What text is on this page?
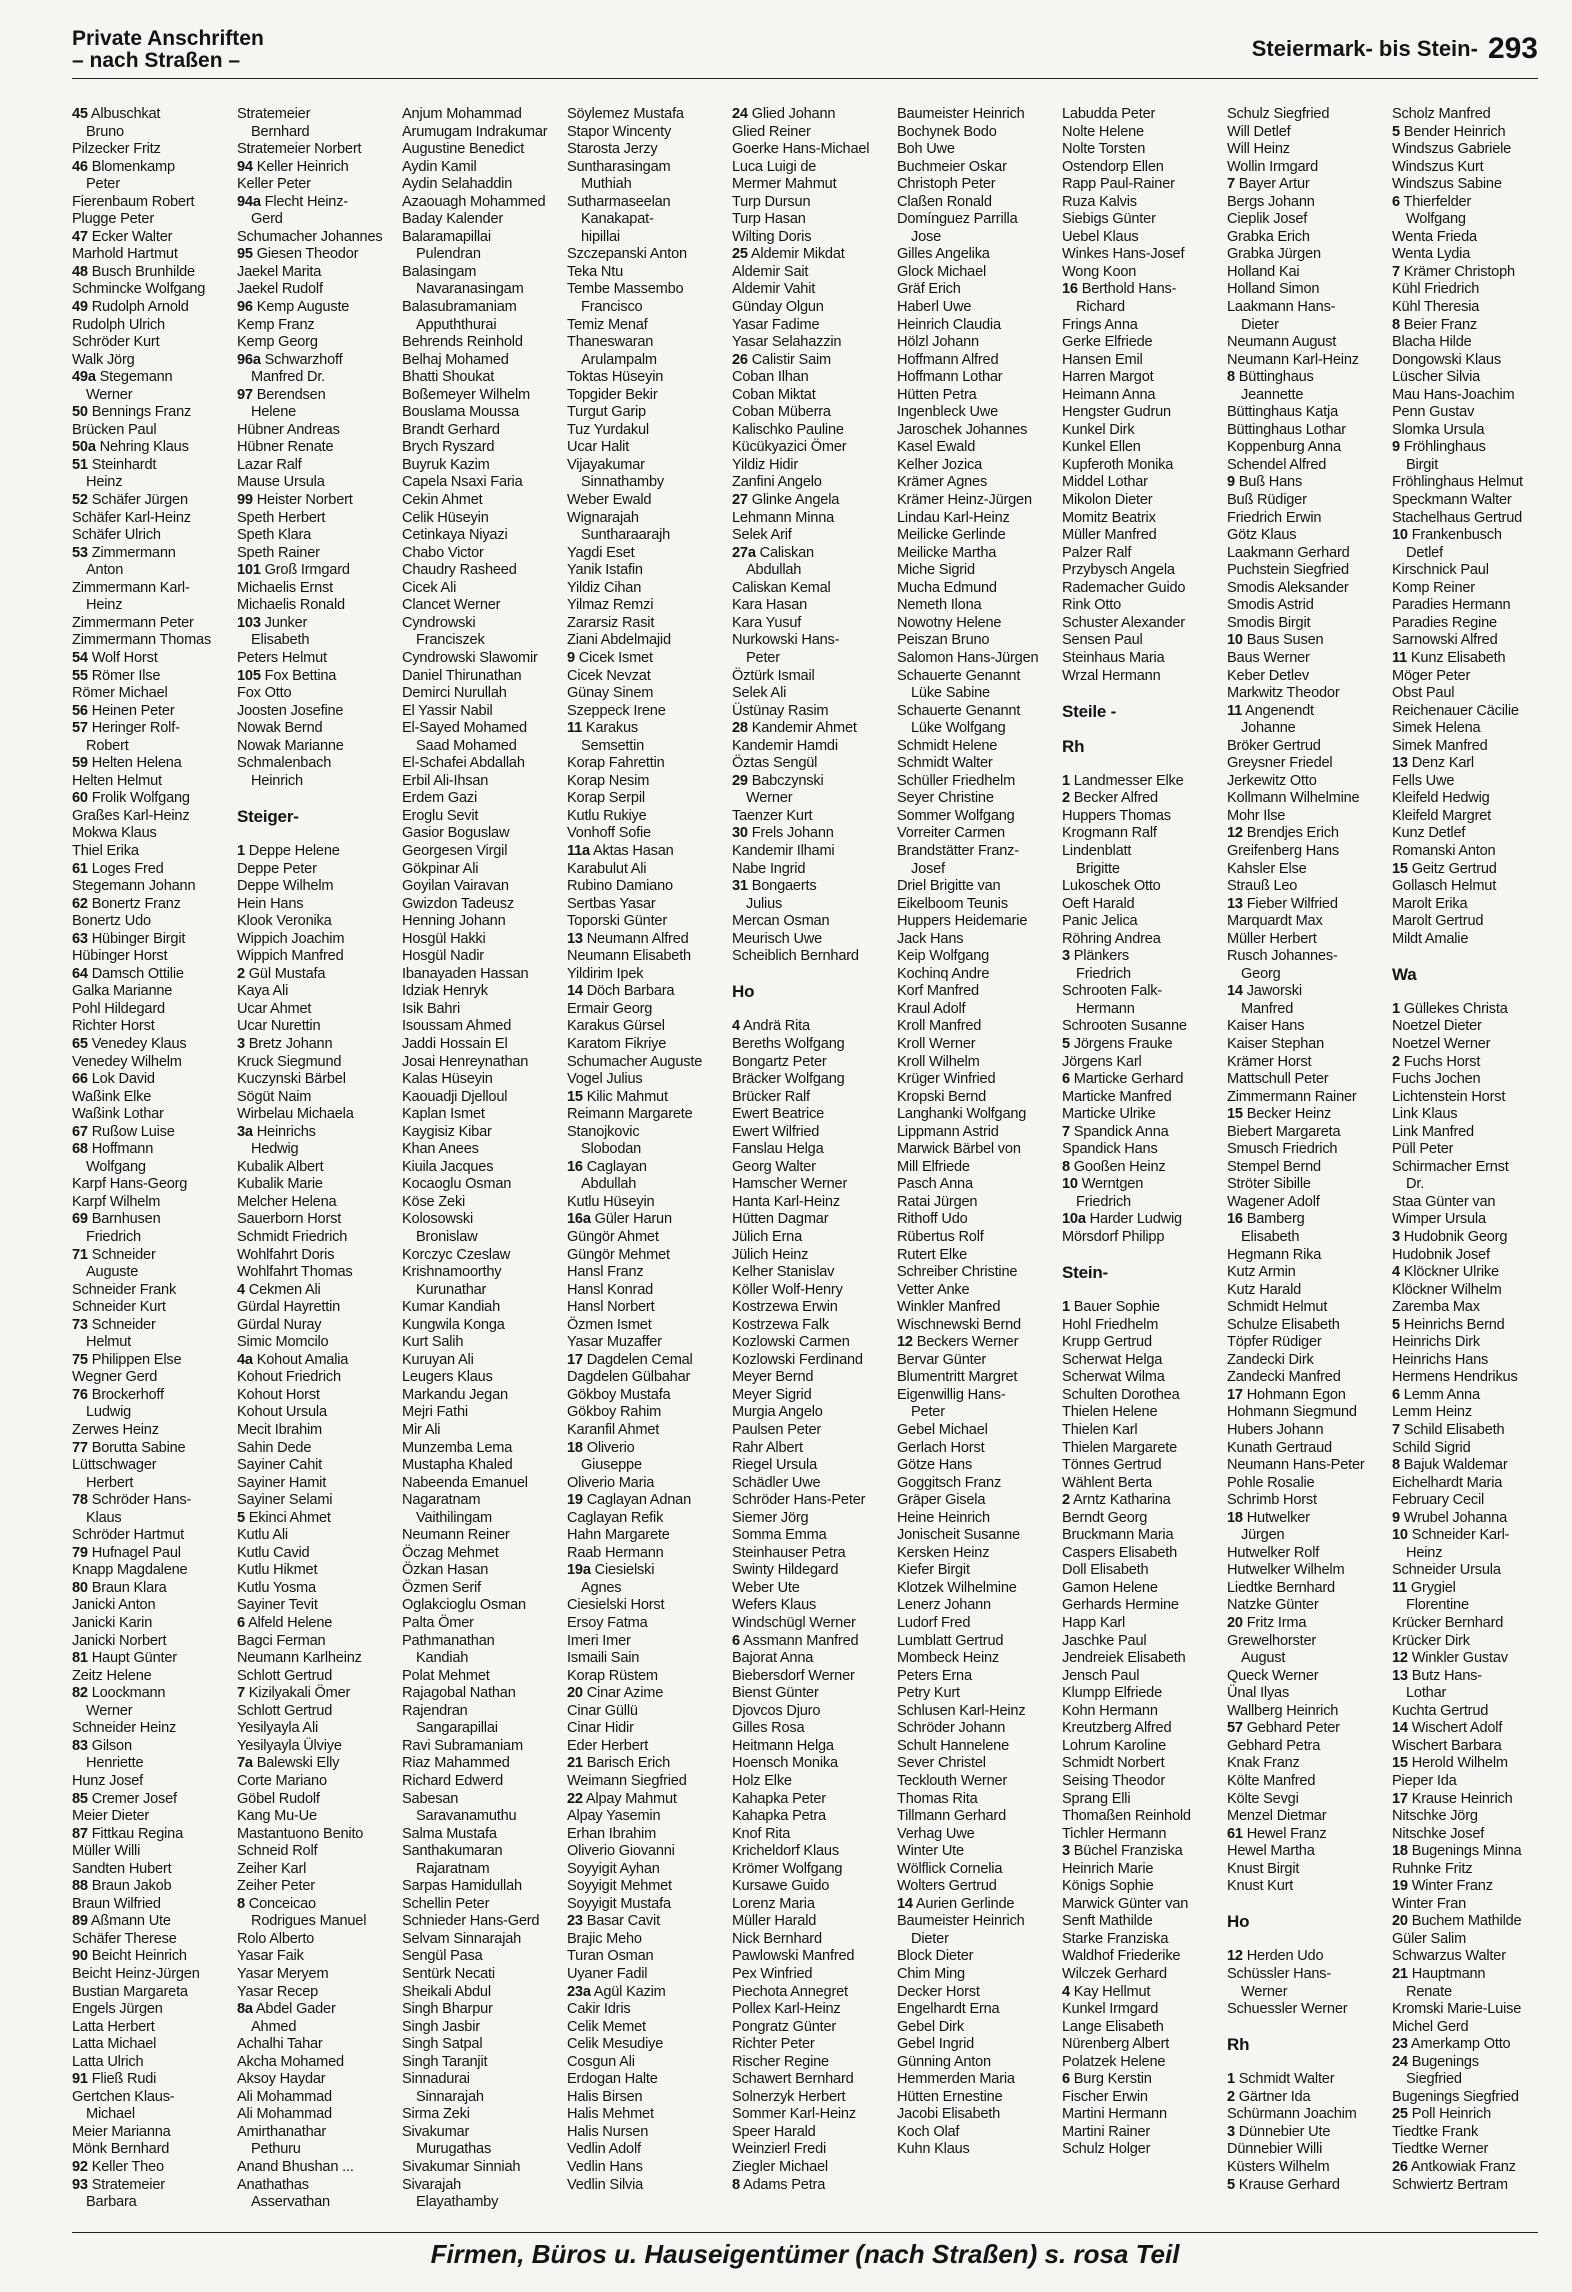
Private Anschriften
– nach Straßen –	Steiermark- bis Stein- 293
45 Albuschkat
Bruno
Pilzecker Fritz
46 Blomenkamp
Peter
Fierenbaum Robert
Plugge Peter
47 Ecker Walter
Marhold Hartmut
48 Busch Brunhilde
Schmincke Wolfgang
49 Rudolph Arnold
Rudolph Ulrich
Schröder Kurt
Walk Jörg
49a Stegemann
Werner
50 Bennings Franz
Brücken Paul
50a Nehring Klaus
51 Steinhardt
Heinz
52 Schäfer Jürgen
Schäfer Karl-Heinz
Schäfer Ulrich
53 Zimmermann
Anton
Zimmermann Karl-
Heinz
Zimmermann Peter
Zimmermann Thomas
54 Wolf Horst
55 Römer Ilse
Römer Michael
56 Heinen Peter
57 Heringer Rolf-
Robert
59 Helten Helena
Helten Helmut
60 Frolik Wolfgang
Graßes Karl-Heinz
Mokwa Klaus
Thiel Erika
61 Loges Fred
Stegemann Johann
62 Bonertz Franz
Bonertz Udo
63 Hübinger Birgit
Hübinger Horst
64 Damsch Ottilie
Galka Marianne
Pohl Hildegard
Richter Horst
65 Venedey Klaus
Venedey Wilhelm
66 Lok David
Waßink Elke
Waßink Lothar
67 Rußow Luise
68 Hoffmann
Wolfgang
Karpf Hans-Georg
Karpf Wilhelm
69 Barnhusen
Friedrich
71 Schneider
Auguste
Schneider Frank
Schneider Kurt
73 Schneider
Helmut
75 Philippen Else
Wegner Gerd
76 Brockerhoff
Ludwig
Zerwes Heinz
77 Borutta Sabine
Lüttschwager
Herbert
78 Schröder Hans-
Klaus
Schröder Hartmut
79 Hufnagel Paul
Knapp Magdalene
80 Braun Klara
Janicki Anton
Janicki Karin
Janicki Norbert
81 Haupt Günter
Zeitz Helene
82 Loockmann
Werner
Schneider Heinz
83 Gilson
Henriette
Hunz Josef
85 Cremer Josef
Meier Dieter
87 Fittkau Regina
Müller Willi
Sandten Hubert
88 Braun Jakob
Braun Wilfried
89 Aßmann Ute
Schäfer Therese
90 Beicht Heinrich
Beicht Heinz-Jürgen
Bustian Margareta
Engels Jürgen
Latta Herbert
Latta Michael
Latta Ulrich
91 Fließ Rudi
Gertchen Klaus-
Michael
Meier Marianna
Mönk Bernhard
92 Keller Theo
93 Stratemeier
Barbara
Stratemeier
Bernhard
Stratemeier Norbert
94 Keller Heinrich
Keller Peter
94a Flecht Heinz-
Gerd
Schumacher Johannes
95 Giesen Theodor
Jaekel Marita
Jaekel Rudolf
96 Kemp Auguste
Kemp Franz
Kemp Georg
96a Schwarzhoff
Manfred Dr.
97 Berendsen
Helene
Hübner Andreas
Hübner Renate
Lazar Ralf
Mause Ursula
99 Heister Norbert
Speth Herbert
Speth Klara
Speth Rainer
101 Groß Irmgard
Michaelis Ernst
Michaelis Ronald
103 Junker
Elisabeth
Peters Helmut
105 Fox Bettina
Fox Otto
Joosten Josefine
Nowak Bernd
Nowak Marianne
Schmalenbach
Heinrich

Steiger-

1 Deppe Helene
Deppe Peter
Deppe Wilhelm
Hein Hans
Klook Veronika
Wippich Joachim
Wippich Manfred
2 Gül Mustafa
Kaya Ali
Ucar Ahmet
Ucar Nurettin
3 Bretz Johann
Kruck Siegmund
Kuczynski Bärbel
Sögüt Naim
Wirbelau Michaela
3a Heinrichs
Hedwig
Kubalik Albert
Kubalik Marie
Melcher Helena
Sauerborn Horst
Schmidt Friedrich
Wohlfahrt Doris
Wohlfahrt Thomas
4 Cekmen Ali
Gürdal Hayrettin
Gürdal Nuray
Simic Momcilo
4a Kohout Amalia
Kohout Friedrich
Kohout Horst
Kohout Ursula
Mecit Ibrahim
Sahin Dede
Sayiner Cahit
Sayiner Hamit
Sayiner Selami
5 Ekinci Ahmet
Kutlu Ali
Kutlu Cavid
Kutlu Hikmet
Kutlu Yosma
Sayiner Tevit
6 Alfeld Helene
Bagci Ferman
Neumann Karlheinz
Schlott Gertrud
7 Kizilyakali Ömer
Schlott Gertrud
Yesilyayla Ali
Yesilyayla Ülviye
7a Balewski Elly
Corte Mariano
Göbel Rudolf
Kang Mu-Ue
Mastantuono Benito
Schneid Rolf
Zeiher Karl
Zeiher Peter
8 Conceicao
Rodrigues Manuel
Rolo Alberto
Yasar Faik
Yasar Meryem
Yasar Recep
8a Abdel Gader
Ahmed
Achalhi Tahar
Akcha Mohamed
Aksoy Haydar
Ali Mohammad
Ali Mohammad
Amirthanathar
Pethuru
Anand Bhushan ...
Anathathas
Asservathan
Anjum Mohammad
Arumugam Indrakumar
Augustine Benedict
Aydin Kamil
Aydin Selahaddin
Azaouagh Mohammed
Baday Kalender
Balaramapillai
Pulendran
Balasingam
Navaranasingam
Balasubramaniam
Appuththurai
Behrends Reinhold
Belhaj Mohamed
Bhatti Shoukat
Boßemeyer Wilhelm
Bouslama Moussa
Brandt Gerhard
Brych Ryszard
Buyruk Kazim
Capela Nsaxi Faria
Cekin Ahmet
Celik Hüseyin
Cetinkaya Niyazi
Chabo Victor
Chaudry Rasheed
Cicek Ali
Clancet Werner
Cyndrowski
Franciszek
Cyndrowski Slawomir
Daniel Thirunathan
Demirci Nurullah
El Yassir Nabil
El-Sayed Mohamed
Saad Mohamed
El-Schafei Abdallah
Erbil Ali-Ihsan
Erdem Gazi
Eroglu Sevit
Gasior Boguslaw
Georgesen Virgil
Gökpinar Ali
Goyilan Vairavan
Gwizdon Tadeusz
Henning Johann
Hosgül Hakki
Hosgül Nadir
Ibanayaden Hassan
Idziak Henryk
Isik Bahri
Isoussam Ahmed
Jaddi Hossain El
Josai Henreynathan
Kalas Hüseyin
Kaouadji Djelloul
Kaplan Ismet
Kaygisiz Kibar
Khan Anees
Kiuila Jacques
Kocaoglu Osman
Köse Zeki
Kolosowski
Bronislaw
Korczyc Czeslaw
Krishnamoorthy
Kurunathar
Kumar Kandiah
Kungwila Konga
Kurt Salih
Kuruyan Ali
Leugers Klaus
Markandu Jegan
Mejri Fathi
Mir Ali
Munzemba Lema
Mustapha Khaled
Nabeenda Emanuel
Nagaratnam
Vaithilingam
Neumann Reiner
Öczag Mehmet
Özkan Hasan
Özmen Serif
Oglakcioglu Osman
Palta Ömer
Pathmanathan
Kandiah
Polat Mehmet
Rajagobal Nathan
Rajendran
Sangarapillai
Ravi Subramaniam
Riaz Mahammed
Richard Edwerd
Sabesan
Saravanamuthu
Salma Mustafa
Santhakumaran
Rajaratnam
Sarpas Hamidullah
Schellin Peter
Schnieder Hans-Gerd
Selvam Sinnarajah
Sengül Pasa
Sentürk Necati
Sheikali Abdul
Singh Bharpur
Singh Jasbir
Singh Satpal
Singh Taranjit
Sinnadurai
Sinnarajah
Sirma Zeki
Sivakumar
Murugathas
Sivakumar Sinniah
Sivarajah
Elayathamby
Söylemez Mustafa
Stapor Wincenty
Starosta Jerzy
Suntharasingam
Muthiah
Sutharmaseelan
Kanakapat-
hipillai
Szczepanski Anton
Teka Ntu
Tembe Massembo
Francisco
Temiz Menaf
Thaneswaran
Arulampalm
Toktas Hüseyin
Topgider Bekir
Turgut Garip
Tuz Yurdakul
Ucar Halit
Vijayakumar
Sinnathamby
Weber Ewald
Wignarajah
Suntharaarajh
Yagdi Eset
Yanik Istafin
Yildiz Cihan
Yilmaz Remzi
Zararsiz Rasit
Ziani Abdelmajid
9 Cicek Ismet
Cicek Nevzat
Günay Sinem
Szeppeck Irene
11 Karakus
Semsettin
Korap Fahrettin
Korap Nesim
Korap Serpil
Kutlu Rukiye
Vonhoff Sofie
11a Aktas Hasan
Karabulut Ali
Rubino Damiano
Sertbas Yasar
Toporski Günter
13 Neumann Alfred
Neumann Elisabeth
Yildirim Ipek
14 Döch Barbara
Ermair Georg
Karakus Gürsel
Karatom Fikriye
Schumacher Auguste
Vogel Julius
15 Kilic Mahmut
Reimann Margarete
Stanojkovic
Slobodan
16 Caglayan
Abdullah
Kutlu Hüseyin
16a Güler Harun
Güngör Ahmet
Güngör Mehmet
Hansl Franz
Hansl Konrad
Hansl Norbert
Özmen Ismet
Yasar Muzaffer
17 Dagdelen Cemal
Dagdelen Gülbahar
Gökboy Mustafa
Gökboy Rahim
Karanfil Ahmet
18 Oliverio
Giuseppe
Oliverio Maria
19 Caglayan Adnan
Caglayan Refik
Hahn Margarete
Raab Hermann
19a Ciesielski
Agnes
Ciesielski Horst
Ersoy Fatma
Imeri Imer
Ismaili Sain
Korap Rüstem
20 Cinar Azime
Cinar Güllü
Cinar Hidir
Eder Herbert
21 Barisch Erich
Weimann Siegfried
22 Alpay Mahmut
Alpay Yasemin
Erhan Ibrahim
Oliverio Giovanni
Soyyigit Ayhan
Soyyigit Mehmet
Soyyigit Mustafa
23 Basar Cavit
Brajic Meho
Turan Osman
Uyaner Fadil
23a Agül Kazim
Cakir Idris
Celik Memet
Celik Mesudiye
Cosgun Ali
Erdogan Halte
Halis Birsen
Halis Mehmet
Halis Nursen
Vedlin Adolf
Vedlin Hans
Vedlin Silvia
24 Glied Johann
Glied Reiner
Goerke Hans-Michael
Luca Luigi de
Mermer Mahmut
Turp Dursun
Turp Hasan
Wilting Doris
25 Aldemir Mikdat
Aldemir Sait
Aldemir Vahit
Günday Olgun
Yasar Fadime
Yasar Selahazzin
26 Calistir Saim
Coban Ilhan
Coban Miktat
Coban Müberra
Kalischko Pauline
Kücükyazici Ömer
Yildiz Hidir
Zanfini Angelo
27 Glinke Angela
Lehmann Minna
Selek Arif
27a Caliskan
Abdullah
Caliskan Kemal
Kara Hasan
Kara Yusuf
Nurkowski Hans-
Peter
Öztürk Ismail
Selek Ali
Üstünay Rasim
28 Kandemir Ahmet
Kandemir Hamdi
Öztas Sengül
29 Babczynski
Werner
Taenzer Kurt
30 Frels Johann
Kandemir Ilhami
Nabe Ingrid
31 Bongaerts
Julius
Mercan Osman
Meurisch Uwe
Scheiblich Bernhard

Ho

4 Andrä Rita
Bereths Wolfgang
Bongartz Peter
Bräcker Wolfgang
Brücker Ralf
Ewert Beatrice
Ewert Wilfried
Fanslau Helga
Georg Walter
Hamscher Werner
Hanta Karl-Heinz
Hütten Dagmar
Jülich Erna
Jülich Heinz
Kelher Stanislav
Köller Wolf-Henry
Kostrzewa Erwin
Kostrzewa Falk
Kozlowski Carmen
Kozlowski Ferdinand
Meyer Bernd
Meyer Sigrid
Murgia Angelo
Paulsen Peter
Rahr Albert
Riegel Ursula
Schädler Uwe
Schröder Hans-Peter
Siemer Jörg
Somma Emma
Steinhauser Petra
Swinty Hildegard
Weber Ute
Wefers Klaus
Windschügl Werner
6 Assmann Manfred
Bajorat Anna
Biebersdorf Werner
Bienst Günter
Djovcos Djuro
Gilles Rosa
Heitmann Helga
Hoensch Monika
Holz Elke
Kahapka Peter
Kahapka Petra
Knof Rita
Kricheldorf Klaus
Krömer Wolfgang
Kursawe Guido
Lorenz Maria
Müller Harald
Nick Bernhard
Pawlowski Manfred
Pex Winfried
Piechota Annegret
Pollex Karl-Heinz
Pongratz Günter
Richter Peter
Rischer Regine
Schawert Bernhard
Solnerzyk Herbert
Sommer Karl-Heinz
Speer Harald
Weinzierl Fredi
Ziegler Michael
8 Adams Petra
Baumeister Heinrich
Bochynek Bodo
Boh Uwe
Buchmeier Oskar
Christoph Peter
Claßen Ronald
Domínguez Parrilla
Jose
Gilles Angelika
Glock Michael
Gräf Erich
Haberl Uwe
Heinrich Claudia
Hölzl Johann
Hoffmann Alfred
Hoffmann Lothar
Hütten Petra
Ingenbleck Uwe
Jaroschek Johannes
Kasel Ewald
Kelher Jozica
Krämer Agnes
Krämer Heinz-Jürgen
Lindau Karl-Heinz
Meilicke Gerlinde
Meilicke Martha
Miche Sigrid
Mucha Edmund
Nemeth Ilona
Nowotny Helene
Peiszan Bruno
Salomon Hans-Jürgen
Schauerte Genannt
Lüke Sabine
Schauerte Genannt
Lüke Wolfgang
Schmidt Helene
Schmidt Walter
Schüller Friedhelm
Seyer Christine
Sommer Wolfgang
Vorreiter Carmen
Brandstätter Franz-
Josef
Driel Brigitte van
Eikelboom Teunis
Huppers Heidemarie
Jack Hans
Keip Wolfgang
Kochinq Andre
Korf Manfred
Kraul Adolf
Kroll Manfred
Kroll Werner
Kroll Wilhelm
Krüger Winfried
Kropski Bernd
Langhanki Wolfgang
Lippmann Astrid
Marwick Bärbel von
Mill Elfriede
Pasch Anna
Ratai Jürgen
Rithoff Udo
Rübertus Rolf
Rutert Elke
Schreiber Christine
Vetter Anke
Winkler Manfred
Wischnewski Bernd
12 Beckers Werner
Bervar Günter
Blumentritt Margret
Eigenwillig Hans-
Peter
Gebel Michael
Gerlach Horst
Götze Hans
Goggitsch Franz
Gräper Gisela
Heine Heinrich
Jonischeit Susanne
Kersken Heinz
Kiefer Birgit
Klotzek Wilhelmine
Lenerz Johann
Ludorf Fred
Lumblatt Gertrud
Mombeck Heinz
Peters Erna
Petry Kurt
Schlusen Karl-Heinz
Schröder Johann
Schult Hannelene
Sever Christel
Tecklouth Werner
Thomas Rita
Tillmann Gerhard
Verhag Uwe
Winter Ute
Wölflick Cornelia
Wolters Gertrud
14 Aurien Gerlinde
Baumeister Heinrich
Dieter
Block Dieter
Chim Ming
Decker Horst
Engelhardt Erna
Gebel Dirk
Gebel Ingrid
Günning Anton
Hemmerden Maria
Hütten Ernestine
Jacobi Elisabeth
Koch Olaf
Kuhn Klaus
Labudda Peter
Nolte Helene
Nolte Torsten
Ostendorp Ellen
Rapp Paul-Rainer
Ruza Kalvis
Siebigs Günter
Uebel Klaus
Winkes Hans-Josef
Wong Koon
16 Berthold Hans-
Richard
Frings Anna
Gerke Elfriede
Hansen Emil
Harren Margot
Heimann Anna
Hengster Gudrun
Kunkel Dirk
Kunkel Ellen
Kupferoth Monika
Middel Lothar
Mikolon Dieter
Momitz Beatrix
Müller Manfred
Palzer Ralf
Przybysch Angela
Rademacher Guido
Rink Otto
Schuster Alexander
Sensen Paul
Steinhaus Maria
Wrzal Hermann

Steile -

Rh

1 Landmesser Elke
2 Becker Alfred
Huppers Thomas
Krogmann Ralf
Lindenblatt
Brigitte
Lukoschek Otto
Oeft Harald
Panic Jelica
Röhring Andrea
3 Plänkers
Friedrich
Schrooten Falk-
Hermann
Schrooten Susanne
5 Jörgens Frauke
Jörgens Karl
6 Marticke Gerhard
Marticke Manfred
Marticke Ulrike
7 Spandick Anna
Spandick Hans
8 Gooßen Heinz
10 Werntgen
Friedrich
10a Harder Ludwig
Mörsdorf Philipp

Stein-

1 Bauer Sophie
Hohl Friedhelm
Krupp Gertrud
Scherwat Helga
Scherwat Wilma
Schulten Dorothea
Thielen Helene
Thielen Karl
Thielen Margarete
Tönnes Gertrud
Wählent Berta
2 Arntz Katharina
Berndt Georg
Bruckmann Maria
Caspers Elisabeth
Doll Elisabeth
Gamon Helene
Gerhards Hermine
Happ Karl
Jaschke Paul
Jendreiek Elisabeth
Jensch Paul
Klumpp Elfriede
Kohn Hermann
Kreutzberg Alfred
Lohrum Karoline
Schmidt Norbert
Seising Theodor
Sprang Elli
Thomaßen Reinhold
Tichler Hermann
3 Büchel Franziska
Heinrich Marie
Königs Sophie
Marwick Günter van
Senft Mathilde
Starke Franziska
Waldhof Friederike
Wilczek Gerhard
4 Kay Hellmut
Kunkel Irmgard
Lange Elisabeth
Nürenberg Albert
Polatzek Helene
6 Burg Kerstin
Fischer Erwin
Martini Hermann
Martini Rainer
Schulz Holger
Schulz Siegfried
Will Detlef
Will Heinz
Wollin Irmgard
7 Bayer Artur
Bergs Johann
Cieplik Josef
Grabka Erich
Grabka Jürgen
Holland Kai
Holland Simon
Laakmann Hans-
Dieter
Neumann August
Neumann Karl-Heinz
8 Büttinghaus
Jeannette
Büttinghaus Katja
Büttinghaus Lothar
Koppenburg Anna
Schendel Alfred
9 Buß Hans
Buß Rüdiger
Friedrich Erwin
Götz Klaus
Laakmann Gerhard
Puchstein Siegfried
Smodis Aleksander
Smodis Astrid
Smodis Birgit
10 Baus Susen
Baus Werner
Keber Detlev
Markwitz Theodor
11 Angenendt
Johanne
Bröker Gertrud
Greysner Friedel
Jerkewitz Otto
Kollmann Wilhelmine
Mohr Ilse
12 Brendjes Erich
Greifenberg Hans
Kahsler Else
Strauß Leo
13 Fieber Wilfried
Marquardt Max
Müller Herbert
Rusch Johannes-
Georg
14 Jaworski
Manfred
Kaiser Hans
Kaiser Stephan
Krämer Horst
Mattschull Peter
Zimmermann Rainer
15 Becker Heinz
Biebert Margareta
Smusch Friedrich
Stempel Bernd
Ströter Sibille
Wagener Adolf
16 Bamberg
Elisabeth
Hegmann Rika
Kutz Armin
Kutz Harald
Schmidt Helmut
Schulze Elisabeth
Töpfer Rüdiger
Zandecki Dirk
Zandecki Manfred
17 Hohmann Egon
Hohmann Siegmund
Hubers Johann
Kunath Gertraud
Neumann Hans-Peter
Pohle Rosalie
Schrimb Horst
18 Hutwelker
Jürgen
Hutwelker Rolf
Hutwelker Wilhelm
Liedtke Bernhard
Natzke Günter
20 Fritz Irma
Grewelhorster
August
Queck Werner
Ünal Ilyas
Wallberg Heinrich
57 Gebhard Peter
Gebhard Petra
Knak Franz
Költe Manfred
Költe Sevgi
Menzel Dietmar
61 Hewel Franz
Hewel Martha
Knust Birgit
Knust Kurt

Ho

12 Herden Udo
Schüssler Hans-
Werner
Schuessler Werner

Rh

1 Schmidt Walter
2 Gärtner Ida
Schürmann Joachim
3 Dünnebier Ute
Dünnebier Willi
Küsters Wilhelm
5 Krause Gerhard
Scholz Manfred
5 Bender Heinrich
Windszus Gabriele
Windszus Kurt
Windszus Sabine
6 Thierfelder
Wolfgang
Wenta Frieda
Wenta Lydia
7 Krämer Christoph
Kühl Friedrich
Kühl Theresia
8 Beier Franz
Blacha Hilde
Dongowski Klaus
Lüscher Silvia
Mau Hans-Joachim
Penn Gustav
Slomka Ursula
9 Fröhlinghaus
Birgit
Fröhlinghaus Helmut
Speckmann Walter
Stachelhaus Gertrud
10 Frankenbusch
Detlef
Kirschnick Paul
Komp Reiner
Paradies Hermann
Paradies Regine
Sarnowski Alfred
11 Kunz Elisabeth
Möger Peter
Obst Paul
Reichenauer Cäcilie
Simek Helena
Simek Manfred
13 Denz Karl
Fells Uwe
Kleifeld Hedwig
Kleifeld Margret
Kunz Detlef
Romanski Anton
15 Geitz Gertrud
Gollasch Helmut
Marolt Erika
Marolt Gertrud
Mildt Amalie

Wa

1 Güllekes Christa
Noetzel Dieter
Noetzel Werner
2 Fuchs Horst
Fuchs Jochen
Lichtenstein Horst
Link Klaus
Link Manfred
Püll Peter
Schirmacher Ernst
Dr.
Staa Günter van
Wimper Ursula
3 Hudobnik Georg
Hudobnik Josef
4 Klöckner Ulrike
Klöckner Wilhelm
Zaremba Max
5 Heinrichs Bernd
Heinrichs Dirk
Heinrichs Hans
Hermens Hendrikus
6 Lemm Anna
Lemm Heinz
7 Schild Elisabeth
Schild Sigrid
8 Bajuk Waldemar
Eichelhardt Maria
February Cecil
9 Wrubel Johanna
10 Schneider Karl-
Heinz
Schneider Ursula
11 Grygiel
Florentine
Krücker Bernhard
Krücker Dirk
12 Winkler Gustav
13 Butz Hans-
Lothar
Kuchta Gertrud
14 Wischert Adolf
Wischert Barbara
15 Herold Wilhelm
Pieper Ida
17 Krause Heinrich
Nitschke Jörg
Nitschke Josef
18 Bugenings Minna
Ruhnke Fritz
19 Winter Franz
Winter Fran
20 Buchem Mathilde
Güler Salim
Schwarzus Walter
21 Hauptmann
Renate
Kromski Marie-Luise
Michel Gerd
23 Amerkamp Otto
24 Bugenings
Siegfried
Bugenings Siegfried
25 Poll Heinrich
Tiedtke Frank
Tiedtke Werner
26 Antkowiak Franz
Schwiertz Bertram
Firmen, Büros u. Hauseigentümer (nach Straßen) s. rosa Teil
